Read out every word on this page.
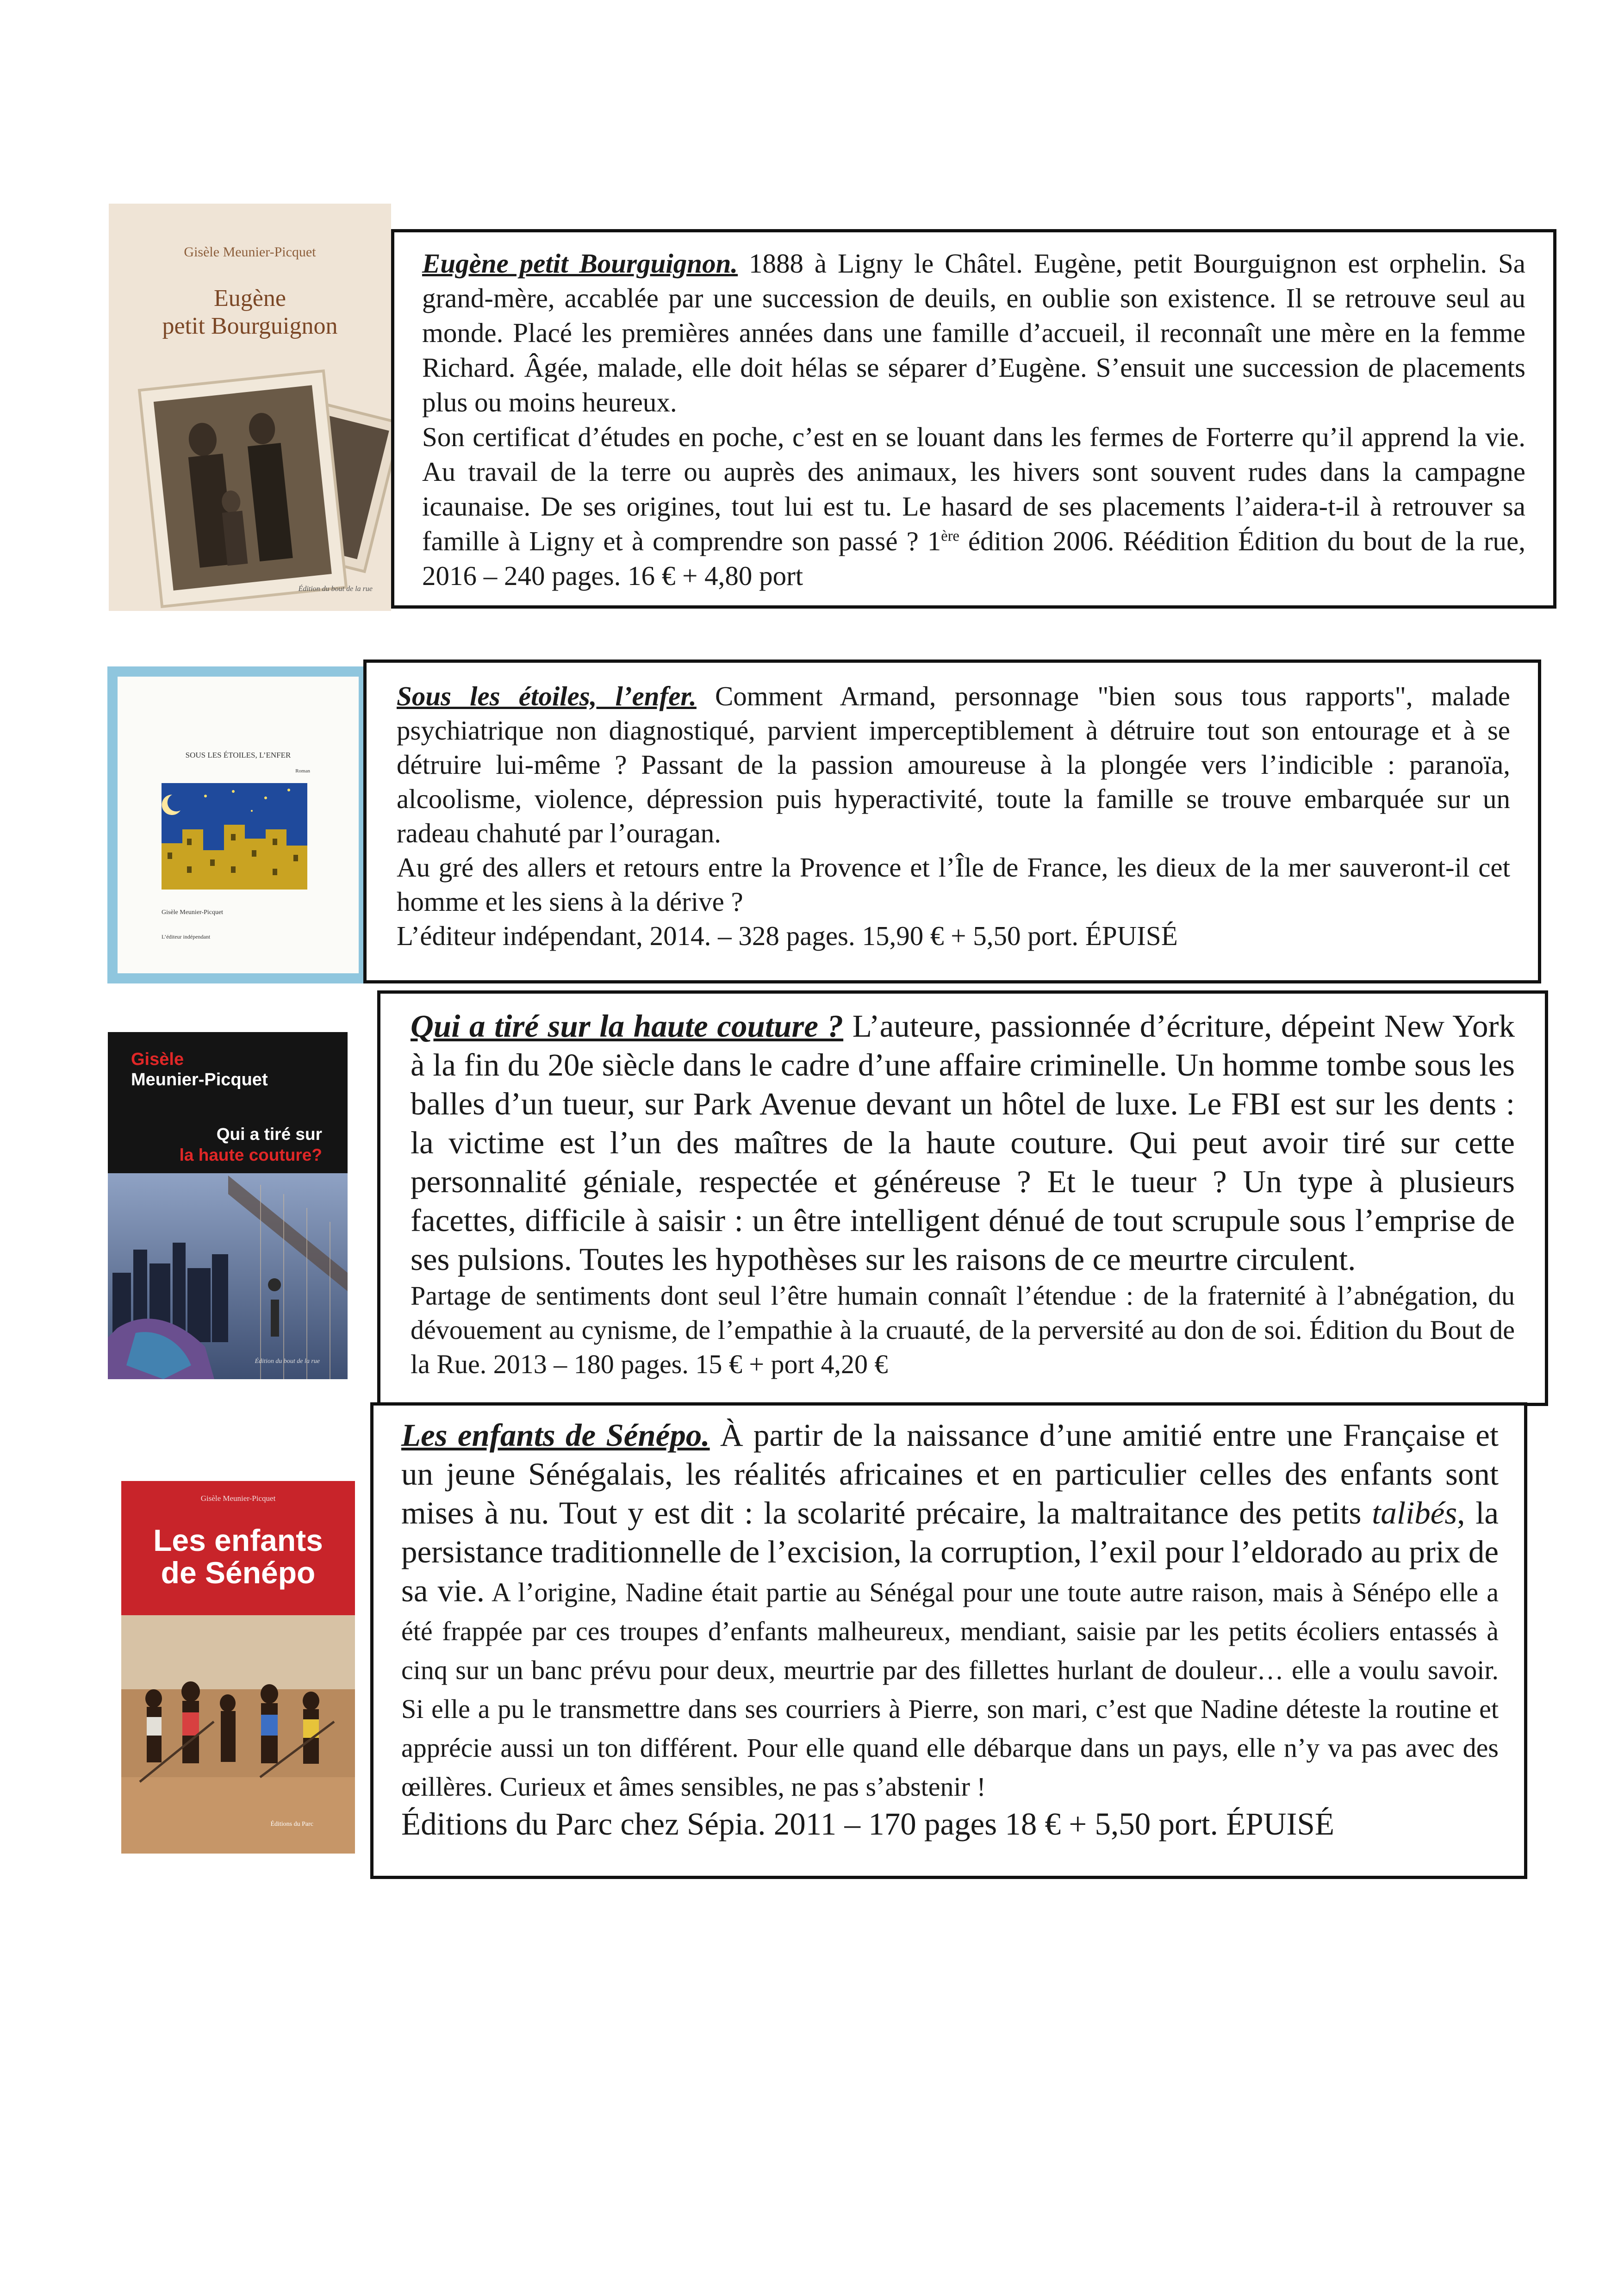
Gisèle Meunier-Picquet
Eugène
petit Bourguignon
Édition du bout de la rue

Eugène petit Bourguignon. 1888 à Ligny le Châtel. Eugène, petit Bourguignon est orphelin. Sa grand-mère, accablée par une succession de deuils, en oublie son existence. Il se retrouve seul au monde. Placé les premières années dans une famille d’accueil, il reconnaît une mère en la femme Richard. Âgée, malade, elle doit hélas se séparer d’Eugène. S’ensuit une succession de placements plus ou moins heureux.

Son certificat d’études en poche, c’est en se louant dans les fermes de Forterre qu’il apprend la vie. Au travail de la terre ou auprès des animaux, les hivers sont souvent rudes dans la campagne icaunaise. De ses origines, tout lui est tu. Le hasard de ses placements l’aidera-t-il à retrouver sa famille à Ligny et à comprendre son passé ? 1ère édition 2006. Réédition Édition du bout de la rue, 2016 – 240 pages. 16 € + 4,80 port

SOUS LES ÉTOILES, L’ENFER
Roman
Gisèle Meunier-Picquet
L’éditeur indépendant

Sous les étoiles, l’enfer. Comment Armand, personnage "bien sous tous rapports", malade psychiatrique non diagnostiqué, parvient imperceptiblement à détruire tout son entourage et à se détruire lui-même ? Passant de la passion amoureuse à la plongée vers l’indicible : paranoïa, alcoolisme, violence, dépression puis hyperactivité, toute la famille se trouve embarquée sur un radeau chahuté par l’ouragan.

Au gré des allers et retours entre la Provence et l’Île de France, les dieux de la mer sauveront-il cet homme et les siens à la dérive ?

L’éditeur indépendant, 2014. – 328 pages. 15,90 € + 5,50 port. ÉPUISÉ

Gisèle
Meunier-Picquet
Qui a tiré sur
la haute couture?
Édition du bout de la rue

Qui a tiré sur la haute couture ? L’auteure, passionnée d’écriture, dépeint New York à la fin du 20e siècle dans le cadre d’une affaire criminelle. Un homme tombe sous les balles d’un tueur, sur Park Avenue devant un hôtel de luxe. Le FBI est sur les dents : la victime est l’un des maîtres de la haute couture. Qui peut avoir tiré sur cette personnalité géniale, respectée et généreuse ? Et le tueur ? Un type à plusieurs facettes, difficile à saisir : un être intelligent dénué de tout scrupule sous l’emprise de ses pulsions. Toutes les hypothèses sur les raisons de ce meurtre circulent.

Partage de sentiments dont seul l’être humain connaît l’étendue : de la fraternité à l’abnégation, du dévouement au cynisme, de l’empathie à la cruauté, de la perversité au don de soi. Édition du Bout de la Rue. 2013 – 180 pages. 15 € + port 4,20 €

Gisèle Meunier-Picquet
Les enfants
de Sénépo
Éditions du Parc

Les enfants de Sénépo. À partir de la naissance d’une amitié entre une Française et un jeune Sénégalais, les réalités africaines et en particulier celles des enfants sont mises à nu. Tout y est dit : la scolarité précaire, la maltraitance des petits talibés, la persistance traditionnelle de l’excision, la corruption, l’exil pour l’eldorado au prix de sa vie. A l’origine, Nadine était partie au Sénégal pour une toute autre raison, mais à Sénépo elle a été frappée par ces troupes d’enfants malheureux, mendiant, saisie par les petits écoliers entassés à cinq sur un banc prévu pour deux, meurtrie par des fillettes hurlant de douleur… elle a voulu savoir. Si elle a pu le transmettre dans ses courriers à Pierre, son mari, c’est que Nadine déteste la routine et apprécie aussi un ton différent. Pour elle quand elle débarque dans un pays, elle n’y va pas avec des œillères. Curieux et âmes sensibles, ne pas s’abstenir !

Éditions du Parc chez Sépia. 2011 – 170 pages 18 € + 5,50 port. ÉPUISÉ
